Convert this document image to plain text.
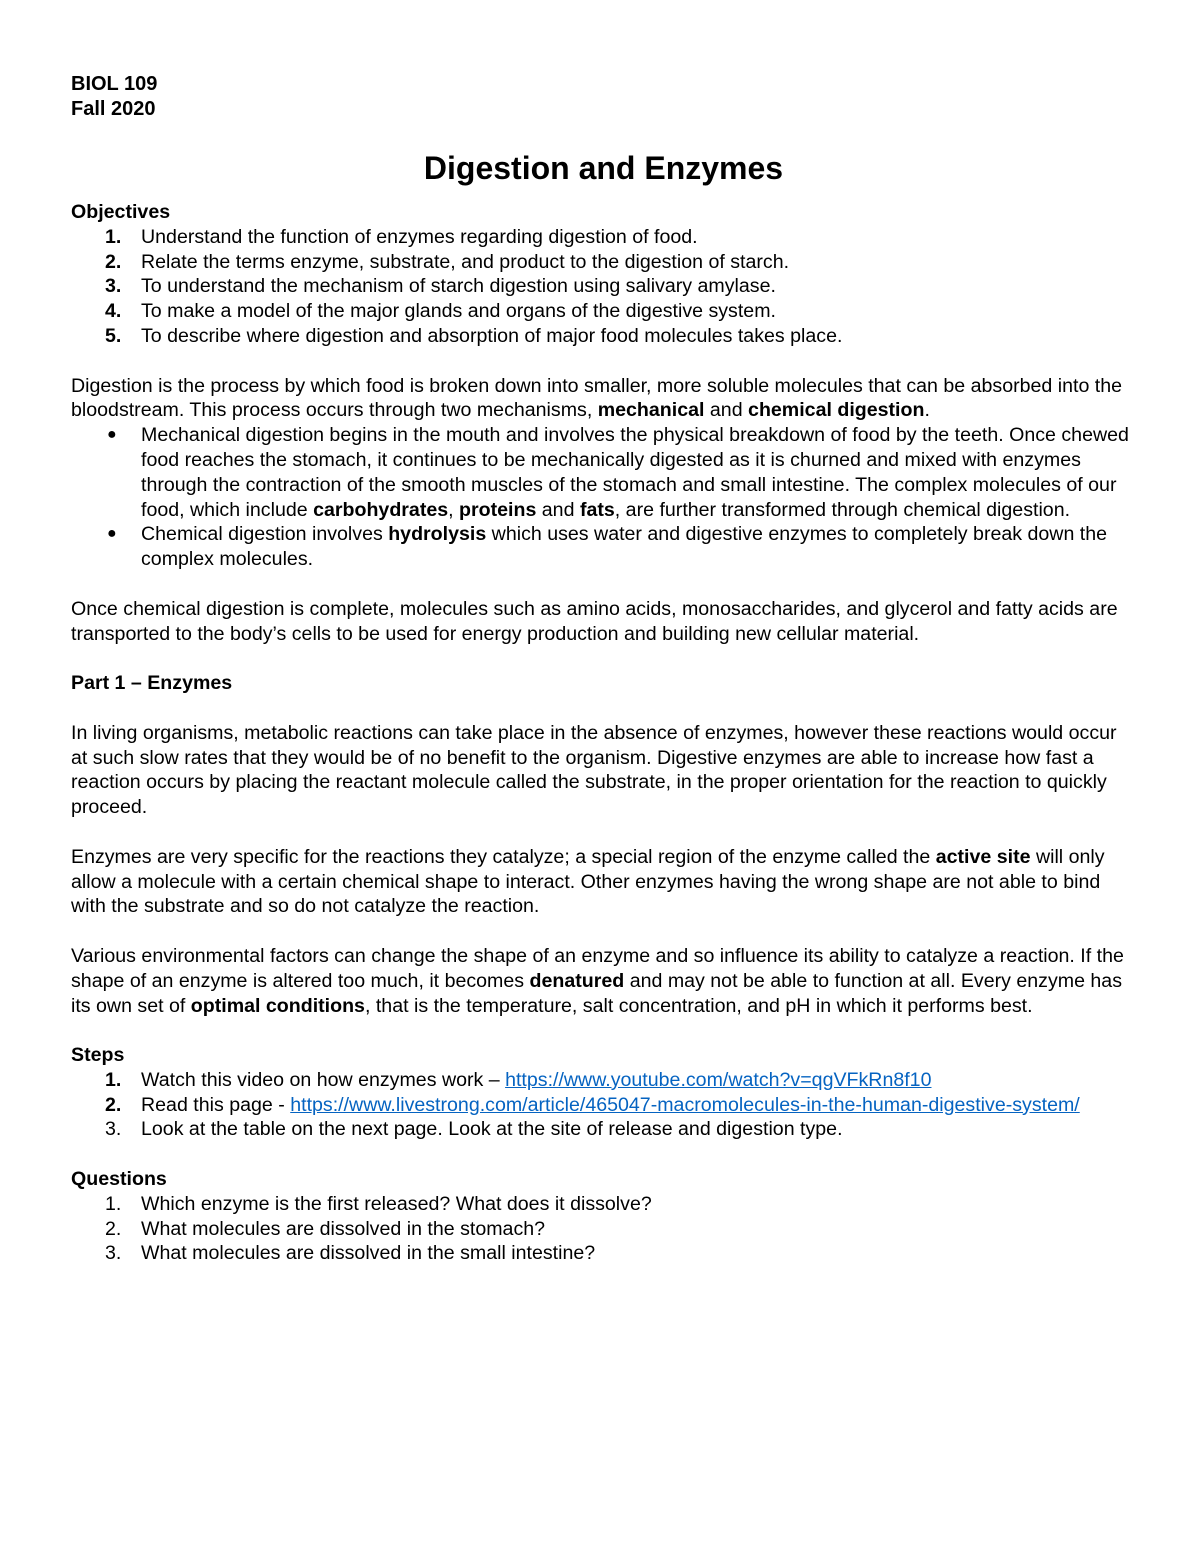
BIOL 109
Fall 2020
Digestion and Enzymes
Objectives
1.	Understand the function of enzymes regarding digestion of food.
2.	Relate the terms enzyme, substrate, and product to the digestion of starch.
3.	To understand the mechanism of starch digestion using salivary amylase.
4.	To make a model of the major glands and organs of the digestive system.
5.	To describe where digestion and absorption of major food molecules takes place.

Digestion is the process by which food is broken down into smaller, more soluble molecules that can be absorbed into the bloodstream. This process occurs through two mechanisms, mechanical and chemical digestion.

● Mechanical digestion begins in the mouth and involves the physical breakdown of food by the teeth. Once chewed food reaches the stomach, it continues to be mechanically digested as it is churned and mixed with enzymes through the contraction of the smooth muscles of the stomach and small intestine. The complex molecules of our food, which include carbohydrates, proteins and fats, are further transformed through chemical digestion.
● Chemical digestion involves hydrolysis which uses water and digestive enzymes to completely break down the complex molecules.

Once chemical digestion is complete, molecules such as amino acids, monosaccharides, and glycerol and fatty acids are transported to the body’s cells to be used for energy production and building new cellular material.

Part 1 – Enzymes

In living organisms, metabolic reactions can take place in the absence of enzymes, however these reactions would occur at such slow rates that they would be of no benefit to the organism. Digestive enzymes are able to increase how fast a reaction occurs by placing the reactant molecule called the substrate, in the proper orientation for the reaction to quickly proceed.

Enzymes are very specific for the reactions they catalyze; a special region of the enzyme called the active site will only allow a molecule with a certain chemical shape to interact. Other enzymes having the wrong shape are not able to bind with the substrate and so do not catalyze the reaction.

Various environmental factors can change the shape of an enzyme and so influence its ability to catalyze a reaction. If the shape of an enzyme is altered too much, it becomes denatured and may not be able to function at all. Every enzyme has its own set of optimal conditions, that is the temperature, salt concentration, and pH in which it performs best.

Steps
1.	Watch this video on how enzymes work – https://www.youtube.com/watch?v=qgVFkRn8f10
2.	Read this page - https://www.livestrong.com/article/465047-macromolecules-in-the-human-digestive-system/
3.	Look at the table on the next page. Look at the site of release and digestion type.
Questions
1.	Which enzyme is the first released? What does it dissolve?
2.	What molecules are dissolved in the stomach?
3.	What molecules are dissolved in the small intestine?
